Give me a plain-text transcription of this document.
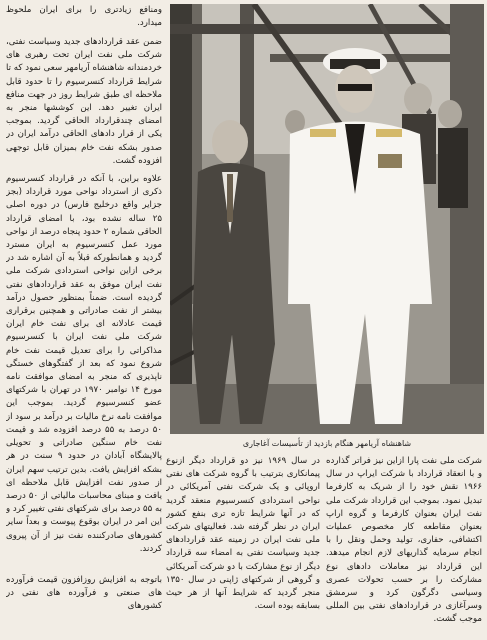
ومنافع زیادتری را برای ایران ملحوظ میدارد.

ضمن عقد قراردادهای جدید وسیاست نفتی، شرکت ملی نفت ایران تحت رهبری های خردمندانه شاهنشاه آریامهر سعی نمود که تا شرایط قرارداد کنسرسیوم را تا حدود قابل ملاحظه ای طبق شرایط روز در جهت منافع ایران تغییر دهد. این کوششها منجر به امضای چندقرارداد الحاقی گردید. بموجب یکی از قرار دادهای الحاقی درآمد ایران در صدور بشکه نفت خام بمیزان قابل توجهی افزوده گشت.

علاوه براین، با آنکه در قرارداد کنسرسیوم ذکری از استرداد نواحی مورد قرارداد (بجز جزایر واقع درخلیج فارس) در دوره اصلی ۲۵ ساله نشده بود، با امضای قرارداد الحاقی شماره ۲ حدود پنجاه درصد از نواحی مورد عمل کنسرسیوم به ایران مسترد گردید و همانطورکه قبلاً به آن اشاره شد در برخی ازاین نواحی استردادی شرکت ملی نفت ایران موفق به عقد قراردادهای نفتی گردیده است. ضمناً بمنظور حصول درآمد بیشتر از نفت صادراتی و همچنین برقراری قیمت عادلانه ای برای نفت خام ایران شرکت ملی نفت ایران با کنسرسیوم مذاکراتی را برای تعدیل قیمت نفت خام شروع نمود که بعد از گفتگوهای خستگی ناپذیری که منجر به امضای موافقت نامه مورخ ۱۴ نوامبر ۱۹۷۰ در تهران با شرکتهای عضو کنسرسیوم گردید. بموجب این موافقت نامه نرخ مالیات بر درآمد بر سود از ۵۰ درصد به ۵۵ درصد افزوده شد و قیمت نفت خام سنگین صادراتی و تحویلی پالایشگاه آبادان در حدود ۹ سنت در هر بشکه افزایش یافت. بدین ترتیب سهم ایران از صدور نفت افزایش قابل ملاحظه ای یافت و مبنای محاسبات مالیاتی از ۵۰ درصد به ۵۵ درصد برای شرکتهای نفتی تغییر کرد و این امر در ایران بوقوع پیوست و بعداً سایر کشورهای صادرکننده نفت نیز از آن پیروی کردند.

باتوجه به افزایش روزافزون قیمت فرآورده های صنعتی و فرآورده های نفتی در کشورهای

شاهنشاه آریامهر هنگام بازدید از تأسیسات آغاجاری

در سال ۱۹۶۹ نیز دو قرارداد دیگر ازنوع پیمانکاری بترتیب با گروه شرکت های نفتی اروپائی و یک شرکت نفتی آمریکائی در نواحی استردادی کنسرسیوم منعقد گردید که در آنها شرایط تازه تری بنفع کشور ایران در نظر گرفته شد. فعالیتهای شرکت ملی نفت ایران در زمینه عقد قراردادهای جدید وسیاست نفتی به امضاء سه قرارداد دیگر از نوع مشارکت با دو شرکت آمریکائی و گروهی از شرکتهای ژاپنی در سال ۱۳۵۰ منجر گردید که شرایط آنها از هر حیث بسابقه بوده است.

شرکت ملی نفت پارا ازاین نیز فراتر گذارده و با انعقاد قرارداد با شرکت ایراپ در سال ۱۹۶۶ نقش خود را از شریک به کارفرما تبدیل نمود. بموجب این قرارداد شرکت ملی نفت ایران بعنوان کارفرما و گروه اراپ بعنوان مقاطعه کار مخصوص عملیات اکتشافی، حفاری، تولید وحمل ونقل را با انجام سرمایه گذاریهای لازم انجام میدهد. این قرارداد نیز معاملات دادهای نوع مشارکت را بر حسب تحولات عصری وسیاسی دگرگون کرد و سرمشق وسرآغازی در قراردادهای نفتی بین المللی موجب گشت.
